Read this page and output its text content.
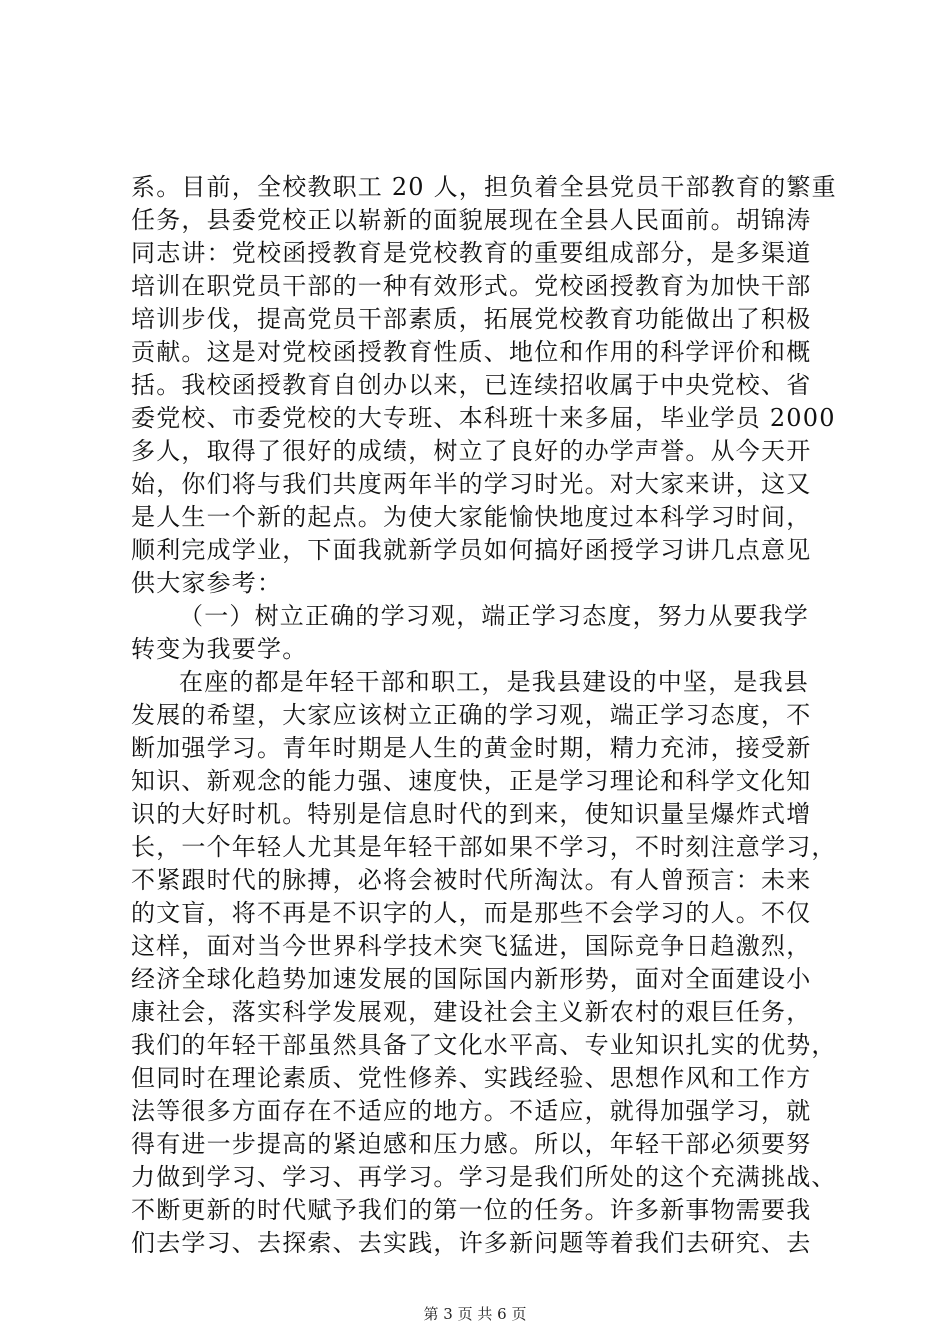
系。目前，全校教职工 20 人，担负着全县党员干部教育的繁重
任务，县委党校正以崭新的面貌展现在全县人民面前。胡锦涛
同志讲：党校函授教育是党校教育的重要组成部分，是多渠道
培训在职党员干部的一种有效形式。党校函授教育为加快干部
培训步伐，提高党员干部素质，拓展党校教育功能做出了积极
贡献。这是对党校函授教育性质、地位和作用的科学评价和概
括。我校函授教育自创办以来，已连续招收属于中央党校、省
委党校、市委党校的大专班、本科班十来多届，毕业学员 2000
多人，取得了很好的成绩，树立了良好的办学声誉。从今天开
始，你们将与我们共度两年半的学习时光。对大家来讲，这又
是人生一个新的起点。为使大家能愉快地度过本科学习时间，
顺利完成学业，下面我就新学员如何搞好函授学习讲几点意见
供大家参考：
（一）树立正确的学习观，端正学习态度，努力从要我学
转变为我要学。
在座的都是年轻干部和职工，是我县建设的中坚，是我县
发展的希望，大家应该树立正确的学习观，端正学习态度，不
断加强学习。青年时期是人生的黄金时期，精力充沛，接受新
知识、新观念的能力强、速度快，正是学习理论和科学文化知
识的大好时机。特别是信息时代的到来，使知识量呈爆炸式增
长，一个年轻人尤其是年轻干部如果不学习，不时刻注意学习，
不紧跟时代的脉搏，必将会被时代所淘汰。有人曾预言：未来
的文盲，将不再是不识字的人，而是那些不会学习的人。不仅
这样，面对当今世界科学技术突飞猛进，国际竞争日趋激烈，
经济全球化趋势加速发展的国际国内新形势，面对全面建设小
康社会，落实科学发展观，建设社会主义新农村的艰巨任务，
我们的年轻干部虽然具备了文化水平高、专业知识扎实的优势，
但同时在理论素质、党性修养、实践经验、思想作风和工作方
法等很多方面存在不适应的地方。不适应，就得加强学习，就
得有进一步提高的紧迫感和压力感。所以，年轻干部必须要努
力做到学习、学习、再学习。学习是我们所处的这个充满挑战、
不断更新的时代赋予我们的第一位的任务。许多新事物需要我
们去学习、去探索、去实践，许多新问题等着我们去研究、去
第 3 页 共 6 页
